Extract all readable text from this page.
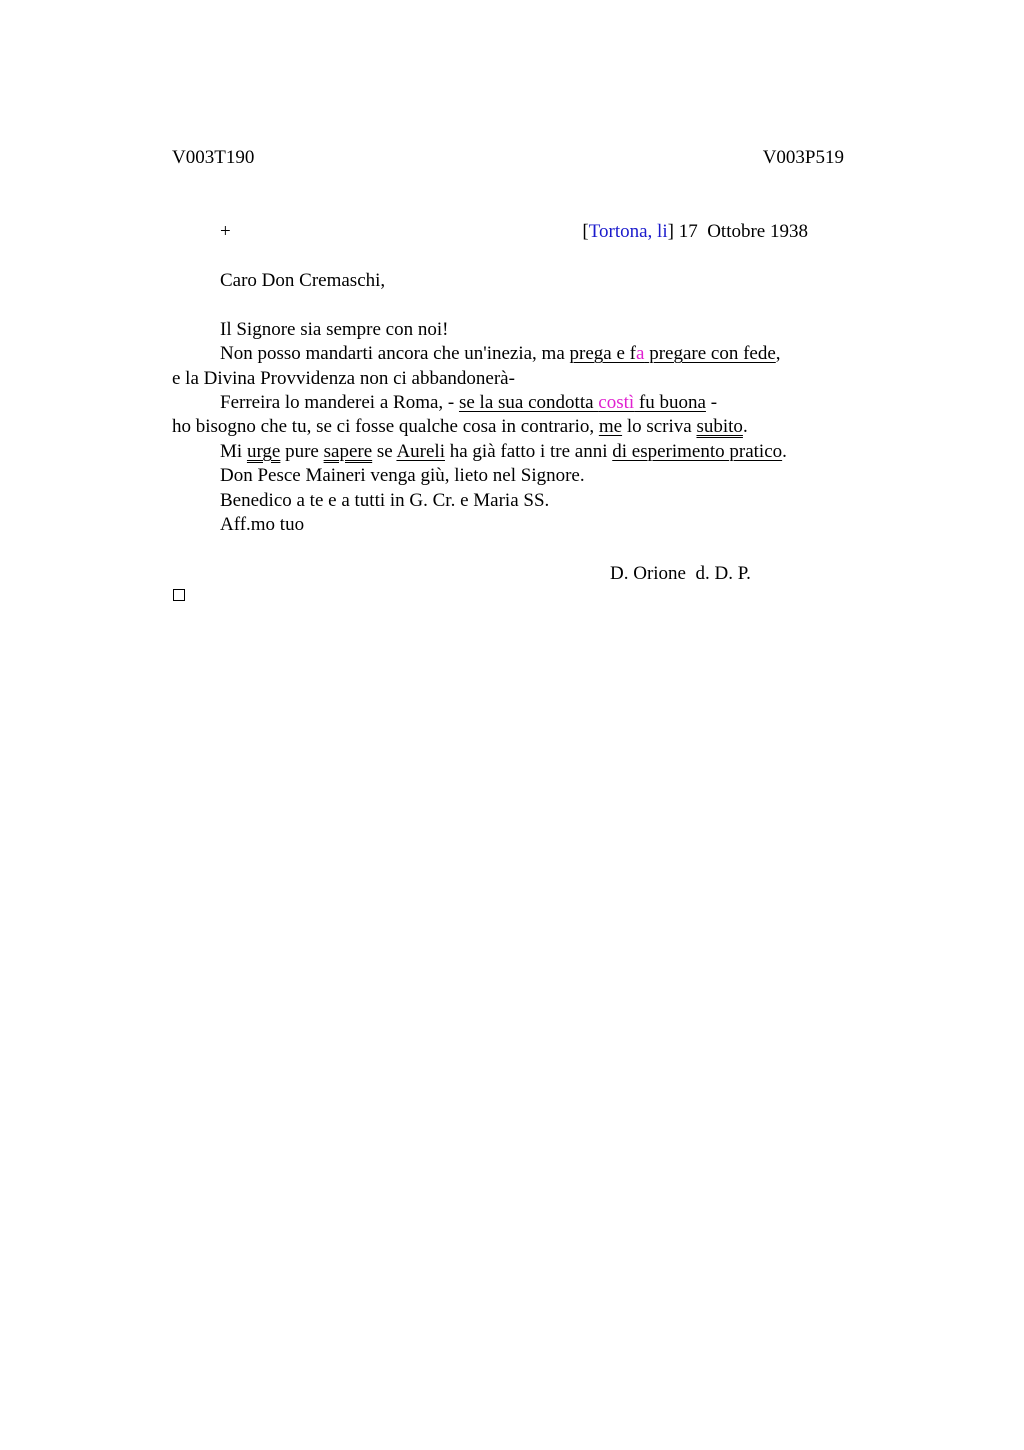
V003T190	V003P519
+	[Tortona, li] 17  Ottobre 1938
Caro Don Cremaschi,
Il Signore sia sempre con noi!
Non posso mandarti ancora che un'inezia, ma prega e fa pregare con fede,
e la Divina Provvidenza non ci abbandonerà-
Ferreira lo manderei a Roma, - se la sua condotta costì fu buona -
ho bisogno che tu, se ci fosse qualche cosa in contrario, me lo scriva subito.
Mi urge pure sapere se Aureli ha già fatto i tre anni di esperimento pratico.
Don Pesce Maineri venga giù, lieto nel Signore.
Benedico a te e a tutti in G. Cr. e Maria SS.
Aff.mo tuo
D. Orione  d. D. P.
